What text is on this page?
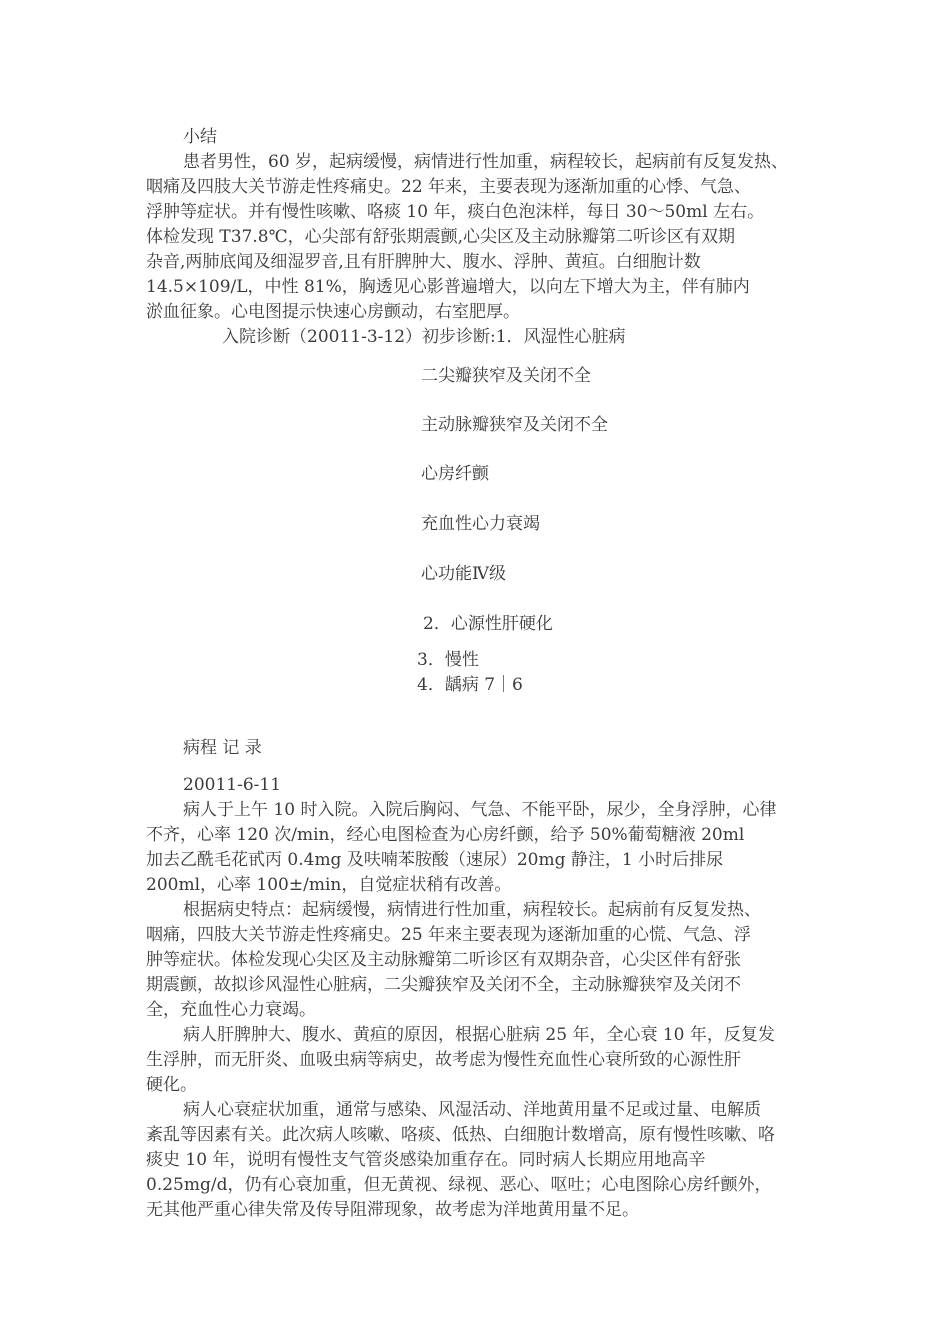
小结
患者男性，60 岁，起病缓慢，病情进行性加重，病程较长，起病前有反复发热、
咽痛及四肢大关节游走性疼痛史。22 年来，主要表现为逐渐加重的心悸、气急、
浮肿等症状。并有慢性咳嗽、咯痰 10 年，痰白色泡沫样，每日 30～50ml 左右。
体检发现 T37.8℃，心尖部有舒张期震颤,心尖区及主动脉瓣第二听诊区有双期
杂音,两肺底闻及细湿罗音,且有肝脾肿大、腹水、浮肿、黄疸。白细胞计数
14.5×109/L，中性 81%，胸透见心影普遍增大，以向左下增大为主，伴有肺内
淤血征象。心电图提示快速心房颤动，右室肥厚。
入院诊断（20011-3-12）初步诊断:1．风湿性心脏病
二尖瓣狭窄及关闭不全
主动脉瓣狭窄及关闭不全
心房纤颤
充血性心力衰竭
心功能Ⅳ级
2．心源性肝硬化
3．慢性
4．龋病 7｜6
病程 记 录
20011-6-11
病人于上午 10 时入院。入院后胸闷、气急、不能平卧，尿少，全身浮肿，心律
不齐，心率 120 次/min，经心电图检查为心房纤颤，给予 50%葡萄糖液 20ml
加去乙酰毛花甙丙 0.4mg 及呋喃苯胺酸（速尿）20mg 静注，1 小时后排尿
200ml，心率 100±/min，自觉症状稍有改善。
根据病史特点：起病缓慢，病情进行性加重，病程较长。起病前有反复发热、
咽痛，四肢大关节游走性疼痛史。25 年来主要表现为逐渐加重的心慌、气急、浮
肿等症状。体检发现心尖区及主动脉瓣第二听诊区有双期杂音，心尖区伴有舒张
期震颤，故拟诊风湿性心脏病，二尖瓣狭窄及关闭不全，主动脉瓣狭窄及关闭不
全，充血性心力衰竭。
病人肝脾肿大、腹水、黄疸的原因，根据心脏病 25 年，全心衰 10 年，反复发
生浮肿，而无肝炎、血吸虫病等病史，故考虑为慢性充血性心衰所致的心源性肝
硬化。
病人心衰症状加重，通常与感染、风湿活动、洋地黄用量不足或过量、电解质
紊乱等因素有关。此次病人咳嗽、咯痰、低热、白细胞计数增高，原有慢性咳嗽、咯
痰史 10 年，说明有慢性支气管炎感染加重存在。同时病人长期应用地高辛
0.25mg/d，仍有心衰加重，但无黄视、绿视、恶心、呕吐；心电图除心房纤颤外，
无其他严重心律失常及传导阻滞现象，故考虑为洋地黄用量不足。
